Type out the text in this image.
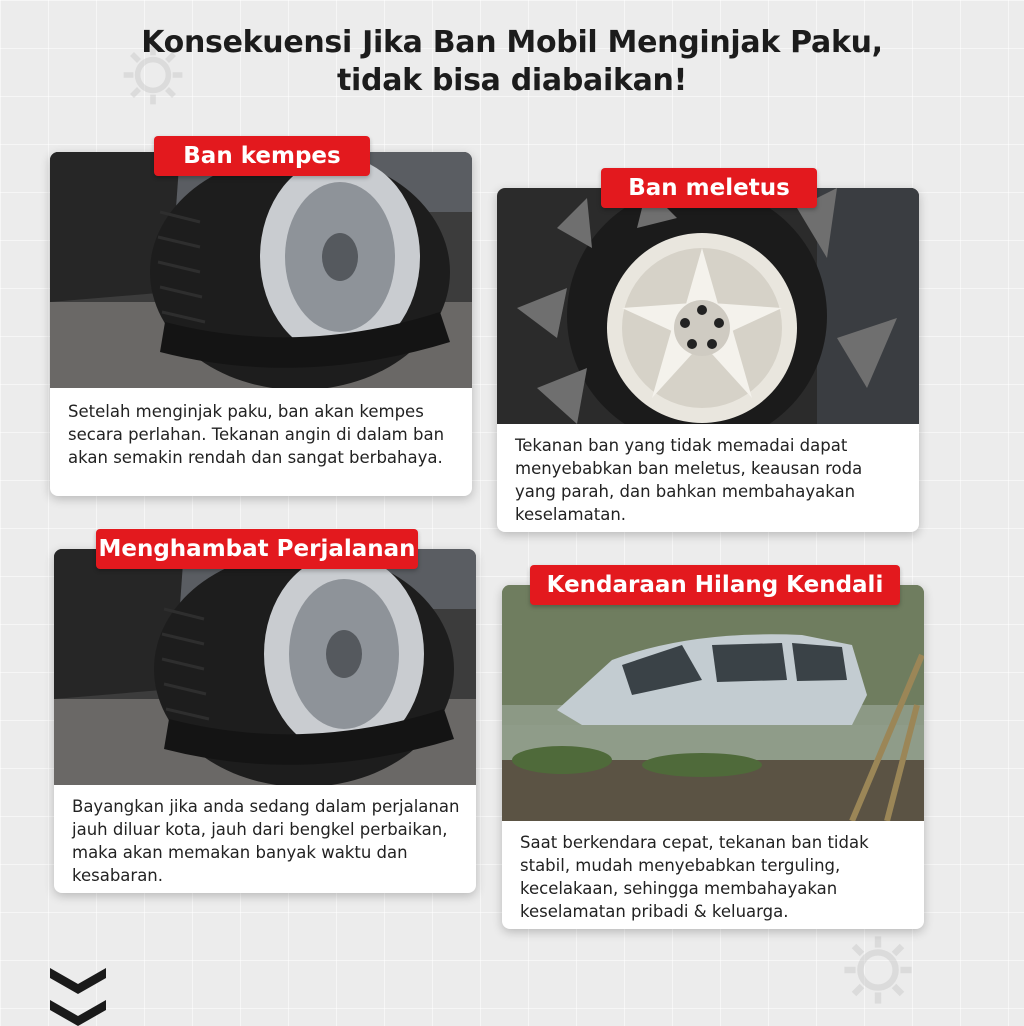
Konsekuensi Jika Ban Mobil Menginjak Paku,
tidak bisa diabaikan!
Ban kempes
Setelah menginjak paku, ban akan kempes secara perlahan. Tekanan angin di dalam ban akan semakin rendah dan sangat berbahaya.
Ban meletus
Tekanan ban yang tidak memadai dapat menyebabkan ban meletus, keausan roda yang parah, dan bahkan membahayakan keselamatan.
Menghambat Perjalanan
Bayangkan jika anda sedang dalam perjalanan jauh diluar kota, jauh dari bengkel perbaikan, maka akan memakan banyak waktu dan kesabaran.
Kendaraan Hilang Kendali
Saat berkendara cepat, tekanan ban tidak stabil, mudah menyebabkan terguling, kecelakaan, sehingga membahayakan keselamatan pribadi & keluarga.
